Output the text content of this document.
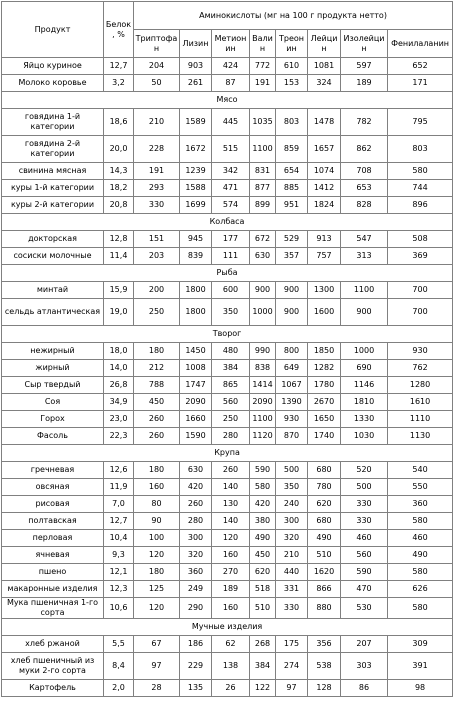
Продукт	Белок, %	Аминокислоты (мг на 100 г продукта нетто)							
		Триптофан	Лизин	Метионин	Валин	Треонин	Лейцин	Изолейцин	Фенилаланин
Яйцо куриное	12,7	204	903	424	772	610	1081	597	652
Молоко коровье	3,2	50	261	87	191	153	324	189	171
Мясо									
говядина 1-й категории	18,6	210	1589	445	1035	803	1478	782	795
говядина 2-й категории	20,0	228	1672	515	1100	859	1657	862	803
свинина мясная	14,3	191	1239	342	831	654	1074	708	580
куры 1-й категории	18,2	293	1588	471	877	885	1412	653	744
куры 2-й категории	20,8	330	1699	574	899	951	1824	828	896
Колбаса									
докторская	12,8	151	945	177	672	529	913	547	508
сосиски молочные	11,4	203	839	111	630	357	757	313	369
Рыба									
минтай	15,9	200	1800	600	900	900	1300	1100	700
сельдь атлантическая	19,0	250	1800	350	1000	900	1600	900	700
Творог									
нежирный	18,0	180	1450	480	990	800	1850	1000	930
жирный	14,0	212	1008	384	838	649	1282	690	762
Сыр твердый	26,8	788	1747	865	1414	1067	1780	1146	1280
Соя	34,9	450	2090	560	2090	1390	2670	1810	1610
Горох	23,0	260	1660	250	1100	930	1650	1330	1110
Фасоль	22,3	260	1590	280	1120	870	1740	1030	1130
Крупа									
гречневая	12,6	180	630	260	590	500	680	520	540
овсяная	11,9	160	420	140	580	350	780	500	550
рисовая	7,0	80	260	130	420	240	620	330	360
полтавская	12,7	90	280	140	380	300	680	330	580
перловая	10,4	100	300	120	490	320	490	460	460
ячневая	9,3	120	320	160	450	210	510	560	490
пшено	12,1	180	360	270	620	440	1620	590	580
макаронные изделия	12,3	125	249	189	518	331	866	470	626
Мука пшеничная 1-го сорта	10,6	120	290	160	510	330	880	530	580
Мучные изделия									
хлеб ржаной	5,5	67	186	62	268	175	356	207	309
хлеб пшеничный из муки 2-го сорта	8,4	97	229	138	384	274	538	303	391
Картофель	2,0	28	135	26	122	97	128	86	98
